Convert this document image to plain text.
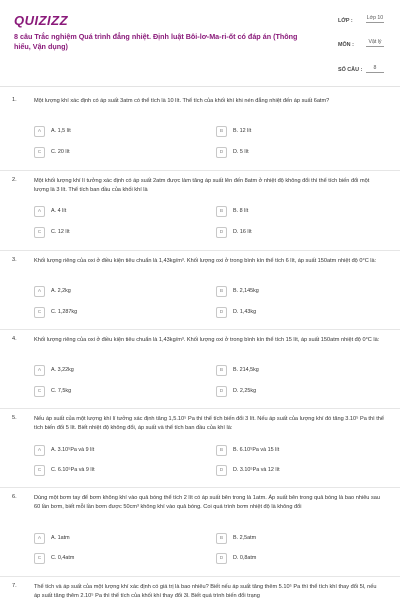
QUIZIZZ
8 câu Trắc nghiệm Quá trình đẳng nhiệt. Định luật Bôi-lơ-Ma-ri-ốt có đáp án (Thông hiểu, Vận dụng)
LỚP :	Lớp 10
MÔN :	Vật lý
SỐ CÂU :	8
1.	Một lượng khí xác định có áp suất 3atm có thể tích là 10 lít. Thể tích của khối khí khi nén đẳng nhiệt đến áp suất 6atm?
A	A. 1,5 lít	B	B. 12 lít
C	C. 20 lít	D	D. 5 lít
2.	Một khối lượng khí lí tưởng xác định có áp suất 2atm được làm tăng áp suất lên đến 8atm ở nhiệt độ không đổi thì thể tích biến đổi một lượng là 3 lít. Thể tích ban đầu của khối khí là
A	A. 4 lít	B	B. 8 lít
C	C. 12 lít	D	D. 16 lít
3.	Khối lượng riêng của oxi ở điều kiện tiêu chuẩn là 1,43kg/m³. Khối lượng oxi ở trong bình kín thể tích 6 lít, áp suất 150atm nhiệt độ 0°C là:
A	A. 2,2kg	B	B. 2,145kg
C	C. 1,287kg	D	D. 1,43kg
4.	Khối lượng riêng của oxi ở điều kiện tiêu chuẩn là 1,43kg/m³. Khối lượng oxi ở trong bình kín thể tích 15 lít, áp suất 150atm nhiệt độ 0°C là:
A	A. 3,22kg	B	B. 214,5kg
C	C. 7,5kg	D	D. 2,25kg
5.	Nếu áp suất của một lượng khí lí tưởng xác định tăng 1,5.10⁵ Pa thì thể tích biến đổi 3 lít. Nếu áp suất của lượng khí đó tăng 3.10⁵ Pa thì thể tích biến đổi 5 lít. Biết nhiệt độ không đổi, áp suất và thể tích ban đầu của khí là:
A	A. 3.10⁵Pa và 9 lít	B	B. 6.10⁵Pa và 15 lít
C	C. 6.10⁵Pa và 9 lít	D	D. 3.10⁵Pa và 12 lít
6.	Dùng một bơm tay để bơm không khí vào quả bóng thể tích 2 lít có áp suất bên trong là 1atm. Áp suất bên trong quả bóng là bao nhiêu sau 60 lần bơm, biết mỗi lần bơm được 50cm³ không khí vào quả bóng. Coi quá trình bơm nhiệt độ là không đổi
A	A. 1atm	B	B. 2,5atm
C	C. 0,4atm	D	D. 0,8atm
7.	Thể tích và áp suất của một lượng khí xác định có giá trị là bao nhiêu? Biết nếu áp suất tăng thêm 5.10⁵ Pa thì thể tích khí thay đổi 5l, nếu áp suất tăng thêm 2.10⁵ Pa thì thể tích của khối khí thay đổi 3l. Biết quá trình biến đổi trạng
